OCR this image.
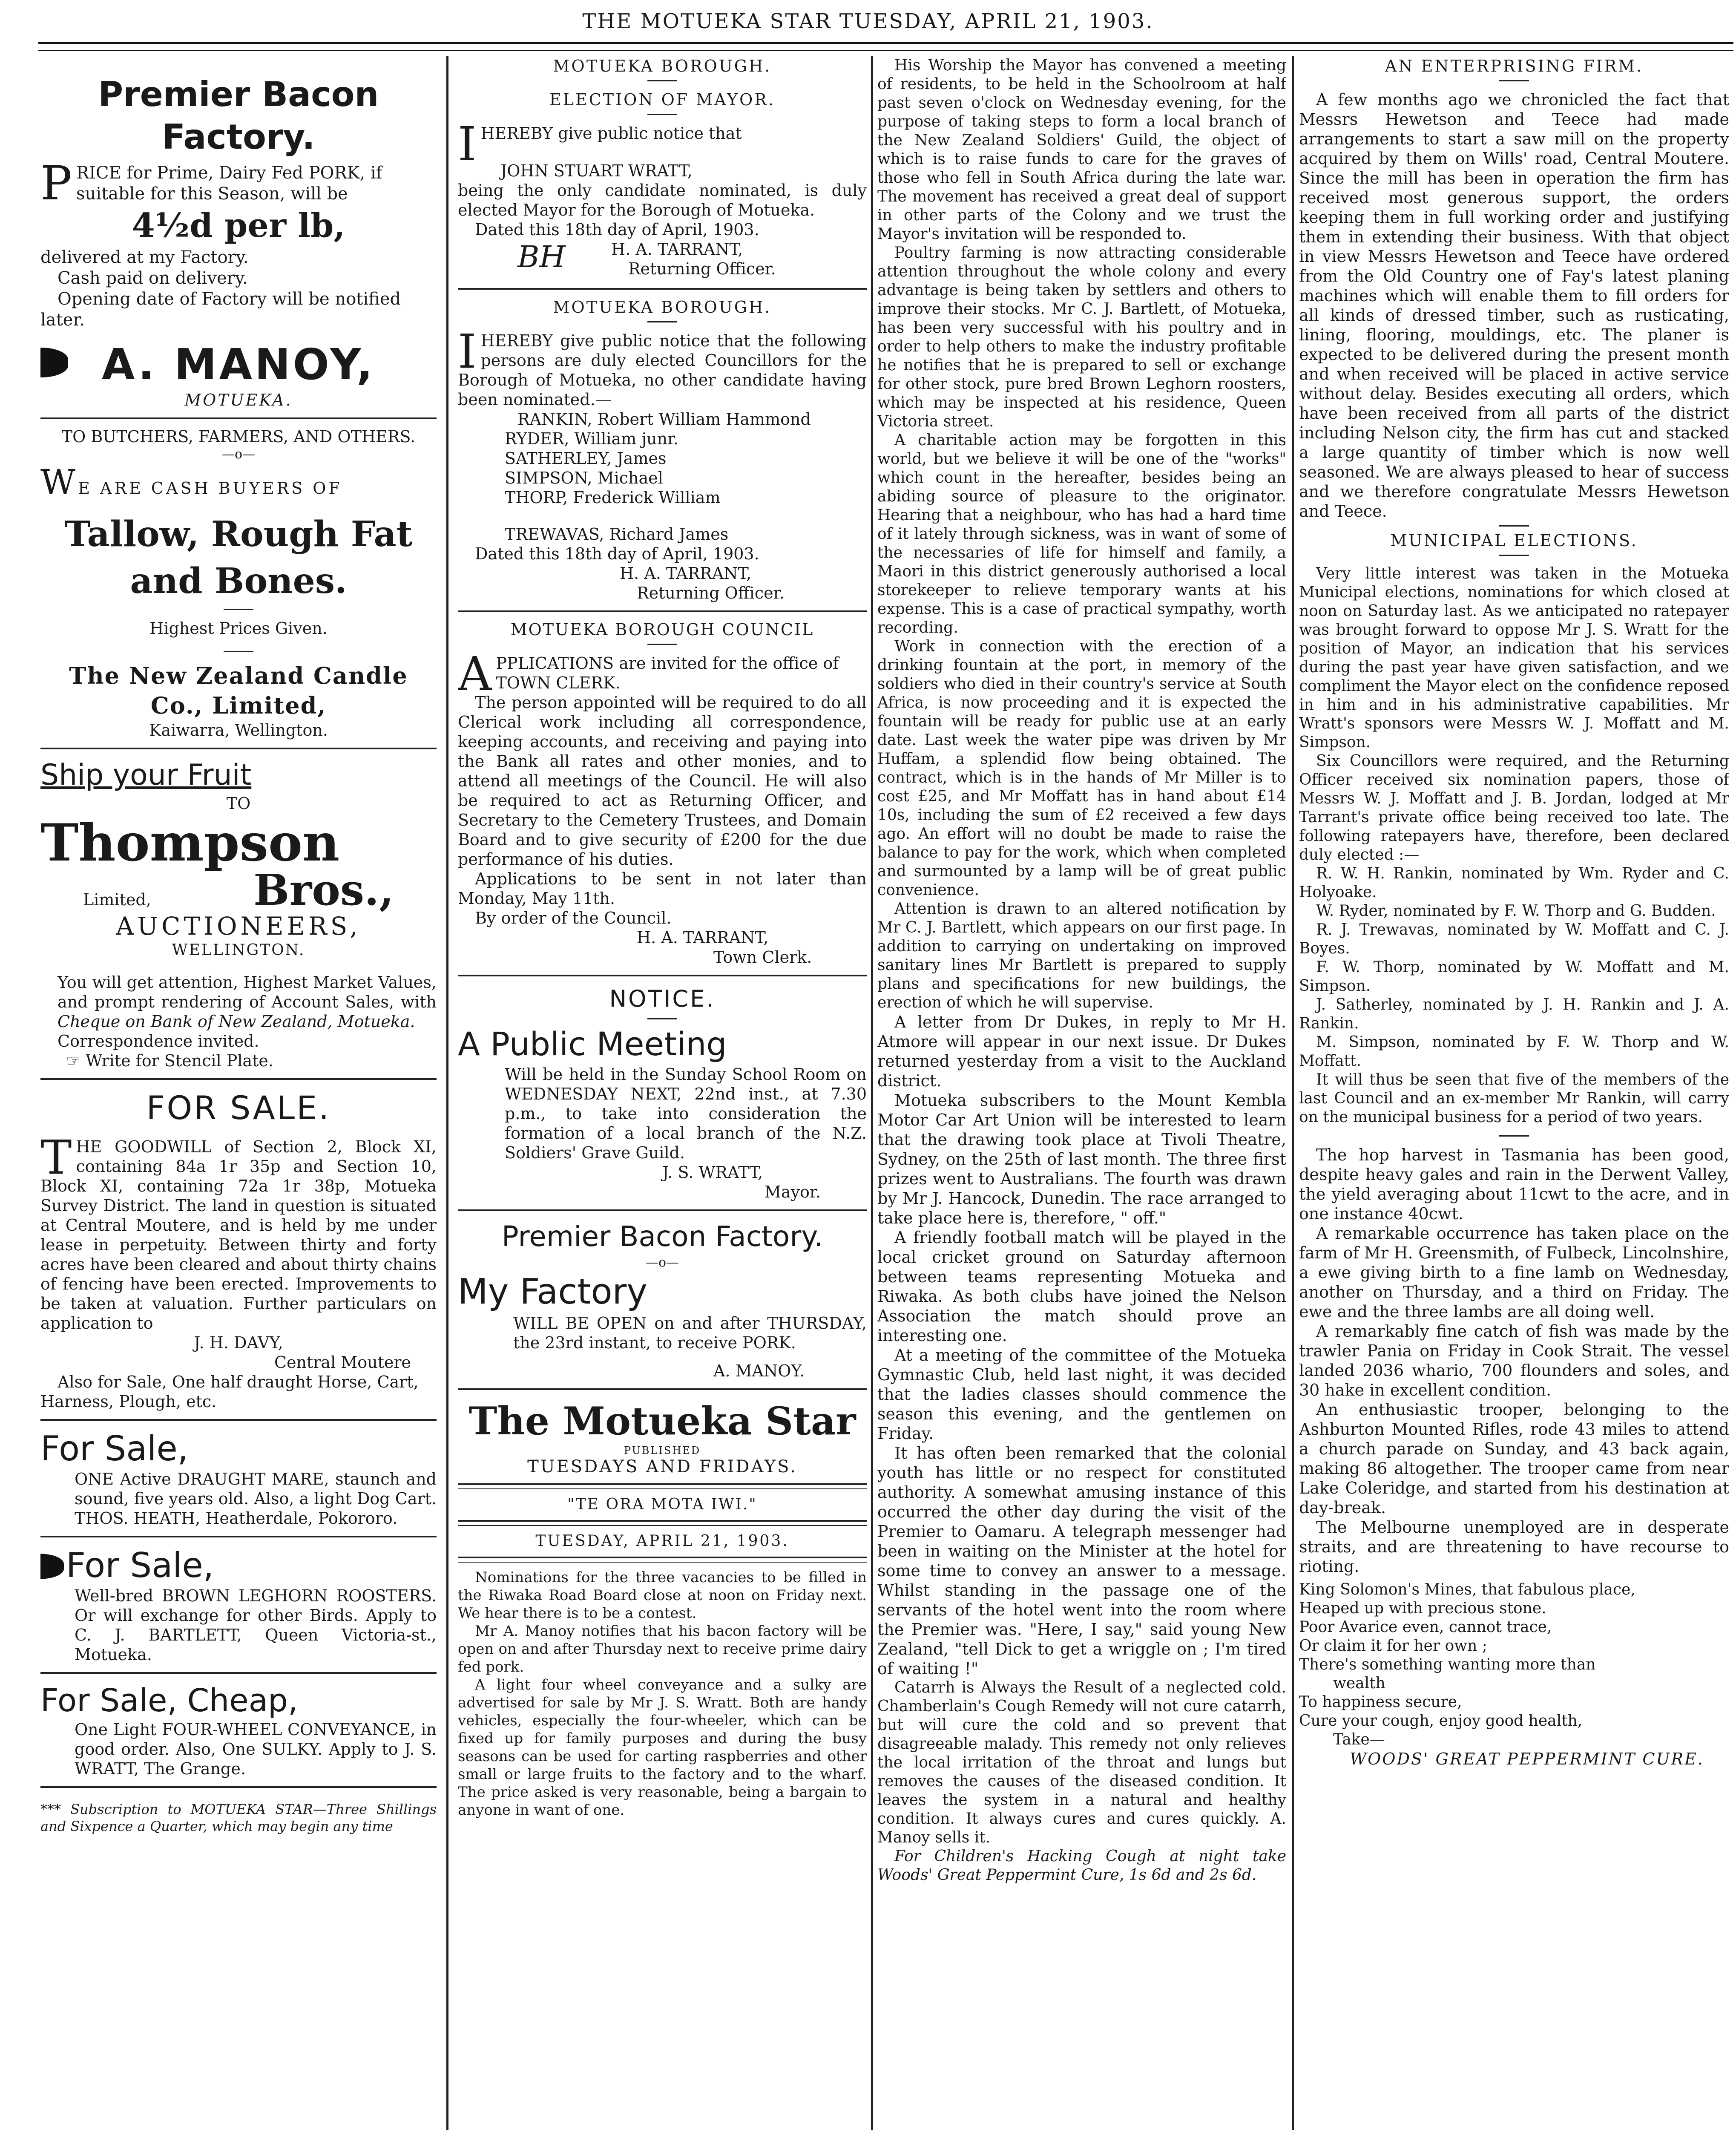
THE MOTUEKA STAR TUESDAY, APRIL 21, 1903.

Premier Bacon Factory.

PRICE for Prime, Dairy Fed PORK, if suitable for this Season, will be

4½d per lb,

delivered at my Factory.

Cash paid on delivery.

Opening date of Factory will be notified later.

A. MANOY,

MOTUEKA.

TO BUTCHERS, FARMERS, AND OTHERS.

—o—

WE ARE CASH BUYERS OF

Tallow, Rough Fat and Bones.

Highest Prices Given.

The New Zealand Candle Co., Limited,

Kaiwarra, Wellington.

Ship your Fruit

TO

Thompson

Limited, Bros.,

AUCTIONEERS,

WELLINGTON.

You will get attention, Highest Market Values, and prompt rendering of Account Sales, with Cheque on Bank of New Zealand, Motueka.

Correspondence invited.

☞ Write for Stencil Plate.

FOR SALE.

THE GOODWILL of Section 2, Block XI, containing 84a 1r 35p and Section 10, Block XI, containing 72a 1r 38p, Motueka Survey District. The land in question is situated at Central Moutere, and is held by me under lease in perpetuity. Between thirty and forty acres have been cleared and about thirty chains of fencing have been erected. Improvements to be taken at valuation. Further particulars on application to

J. H. DAVY,

Central Moutere

Also for Sale, One half draught Horse, Cart, Harness, Plough, etc.

For Sale,

ONE Active DRAUGHT MARE, staunch and sound, five years old. Also, a light Dog Cart. THOS. HEATH, Heatherdale, Pokororo.

For Sale,

Well-bred BROWN LEGHORN ROOSTERS. Or will exchange for other Birds. Apply to C. J. BARTLETT, Queen Victoria-st., Motueka.

For Sale, Cheap,

One Light FOUR-WHEEL CONVEYANCE, in good order. Also, One SULKY. Apply to J. S. WRATT, The Grange.

*** Subscription to MOTUEKA STAR—Three Shillings and Sixpence a Quarter, which may begin any time

MOTUEKA BOROUGH.

ELECTION OF MAYOR.

IHEREBY give public notice that

JOHN STUART WRATT,

being the only candidate nominated, is duly elected Mayor for the Borough of Motueka.

Dated this 18th day of April, 1903.

BH	H. A. TARRANT,

Returning Officer.

MOTUEKA BOROUGH.

IHEREBY give public notice that the following persons are duly elected Councillors for the Borough of Motueka, no other candidate having been nominated.—

RANKIN, Robert William Hammond

RYDER, William junr.

SATHERLEY, James

SIMPSON, Michael

THORP, Frederick William

TREWAVAS, Richard James

Dated this 18th day of April, 1903.

H. A. TARRANT,

Returning Officer.

MOTUEKA BOROUGH COUNCIL

APPLICATIONS are invited for the office of TOWN CLERK.

The person appointed will be required to do all Clerical work including all correspondence, keeping accounts, and receiving and paying into the Bank all rates and other monies, and to attend all meetings of the Council. He will also be required to act as Returning Officer, and Secretary to the Cemetery Trustees, and Domain Board and to give security of £200 for the due performance of his duties.

Applications to be sent in not later than Monday, May 11th.

By order of the Council.

H. A. TARRANT,

Town Clerk.

NOTICE.

A Public Meeting

Will be held in the Sunday School Room on WEDNESDAY NEXT, 22nd inst., at 7.30 p.m., to take into consideration the formation of a local branch of the N.Z. Soldiers' Grave Guild.

J. S. WRATT,

Mayor.

Premier Bacon Factory.

—o—

My Factory

WILL BE OPEN on and after THURSDAY, the 23rd instant, to receive PORK.

A. MANOY.

The Motueka Star

PUBLISHED

TUESDAYS AND FRIDAYS.

"TE ORA MOTA IWI."

TUESDAY, APRIL 21, 1903.

Nominations for the three vacancies to be filled in the Riwaka Road Board close at noon on Friday next. We hear there is to be a contest.

Mr A. Manoy notifies that his bacon factory will be open on and after Thursday next to receive prime dairy fed pork.

A light four wheel conveyance and a sulky are advertised for sale by Mr J. S. Wratt. Both are handy vehicles, especially the four-wheeler, which can be fixed up for family purposes and during the busy seasons can be used for carting raspberries and other small or large fruits to the factory and to the wharf. The price asked is very reasonable, being a bargain to anyone in want of one.

His Worship the Mayor has convened a meeting of residents, to be held in the Schoolroom at half past seven o'clock on Wednesday evening, for the purpose of taking steps to form a local branch of the New Zealand Soldiers' Guild, the object of which is to raise funds to care for the graves of those who fell in South Africa during the late war. The movement has received a great deal of support in other parts of the Colony and we trust the Mayor's invitation will be responded to.

Poultry farming is now attracting considerable attention throughout the whole colony and every advantage is being taken by settlers and others to improve their stocks. Mr C. J. Bartlett, of Motueka, has been very successful with his poultry and in order to help others to make the industry profitable he notifies that he is prepared to sell or exchange for other stock, pure bred Brown Leghorn roosters, which may be inspected at his residence, Queen Victoria street.

A charitable action may be forgotten in this world, but we believe it will be one of the "works" which count in the hereafter, besides being an abiding source of pleasure to the originator. Hearing that a neighbour, who has had a hard time of it lately through sickness, was in want of some of the necessaries of life for himself and family, a Maori in this district generously authorised a local storekeeper to relieve temporary wants at his expense. This is a case of practical sympathy, worth recording.

Work in connection with the erection of a drinking fountain at the port, in memory of the soldiers who died in their country's service at South Africa, is now proceeding and it is expected the fountain will be ready for public use at an early date. Last week the water pipe was driven by Mr Huffam, a splendid flow being obtained. The contract, which is in the hands of Mr Miller is to cost £25, and Mr Moffatt has in hand about £14 10s, including the sum of £2 received a few days ago. An effort will no doubt be made to raise the balance to pay for the work, which when completed and surmounted by a lamp will be of great public convenience.

Attention is drawn to an altered notification by Mr C. J. Bartlett, which appears on our first page. In addition to carrying on undertaking on improved sanitary lines Mr Bartlett is prepared to supply plans and specifications for new buildings, the erection of which he will supervise.

A letter from Dr Dukes, in reply to Mr H. Atmore will appear in our next issue. Dr Dukes returned yesterday from a visit to the Auckland district.

Motueka subscribers to the Mount Kembla Motor Car Art Union will be interested to learn that the drawing took place at Tivoli Theatre, Sydney, on the 25th of last month. The three first prizes went to Australians. The fourth was drawn by Mr J. Hancock, Dunedin. The race arranged to take place here is, therefore, " off."

A friendly football match will be played in the local cricket ground on Saturday afternoon between teams representing Motueka and Riwaka. As both clubs have joined the Nelson Association the match should prove an interesting one.

At a meeting of the committee of the Motueka Gymnastic Club, held last night, it was decided that the ladies classes should commence the season this evening, and the gentlemen on Friday.

It has often been remarked that the colonial youth has little or no respect for constituted authority. A somewhat amusing instance of this occurred the other day during the visit of the Premier to Oamaru. A telegraph messenger had been in waiting on the Minister at the hotel for some time to convey an answer to a message. Whilst standing in the passage one of the servants of the hotel went into the room where the Premier was. "Here, I say," said young New Zealand, "tell Dick to get a wriggle on ; I'm tired of waiting !"

Catarrh is Always the Result of a neglected cold. Chamberlain's Cough Remedy will not cure catarrh, but will cure the cold and so prevent that disagreeable malady. This remedy not only relieves the local irritation of the throat and lungs but removes the causes of the diseased condition. It leaves the system in a natural and healthy condition. It always cures and cures quickly. A. Manoy sells it.

For Children's Hacking Cough at night take Woods' Great Peppermint Cure, 1s 6d and 2s 6d.

AN ENTERPRISING FIRM.

A few months ago we chronicled the fact that Messrs Hewetson and Teece had made arrangements to start a saw mill on the property acquired by them on Wills' road, Central Moutere. Since the mill has been in operation the firm has received most generous support, the orders keeping them in full working order and justifying them in extending their business. With that object in view Messrs Hewetson and Teece have ordered from the Old Country one of Fay's latest planing machines which will enable them to fill orders for all kinds of dressed timber, such as rusticating, lining, flooring, mouldings, etc. The planer is expected to be delivered during the present month and when received will be placed in active service without delay. Besides executing all orders, which have been received from all parts of the district including Nelson city, the firm has cut and stacked a large quantity of timber which is now well seasoned. We are always pleased to hear of success and we therefore congratulate Messrs Hewetson and Teece.

MUNICIPAL ELECTIONS.

Very little interest was taken in the Motueka Municipal elections, nominations for which closed at noon on Saturday last. As we anticipated no ratepayer was brought forward to oppose Mr J. S. Wratt for the position of Mayor, an indication that his services during the past year have given satisfaction, and we compliment the Mayor elect on the confidence reposed in him and in his administrative capabilities. Mr Wratt's sponsors were Messrs W. J. Moffatt and M. Simpson.

Six Councillors were required, and the Returning Officer received six nomination papers, those of Messrs W. J. Moffatt and J. B. Jordan, lodged at Mr Tarrant's private office being received too late. The following ratepayers have, therefore, been declared duly elected :—

R. W. H. Rankin, nominated by Wm. Ryder and C. Holyoake.

W. Ryder, nominated by F. W. Thorp and G. Budden.

R. J. Trewavas, nominated by W. Moffatt and C. J. Boyes.

F. W. Thorp, nominated by W. Moffatt and M. Simpson.

J. Satherley, nominated by J. H. Rankin and J. A. Rankin.

M. Simpson, nominated by F. W. Thorp and W. Moffatt.

It will thus be seen that five of the members of the last Council and an ex-member Mr Rankin, will carry on the municipal business for a period of two years.

The hop harvest in Tasmania has been good, despite heavy gales and rain in the Derwent Valley, the yield averaging about 11cwt to the acre, and in one instance 40cwt.

A remarkable occurrence has taken place on the farm of Mr H. Greensmith, of Fulbeck, Lincolnshire, a ewe giving birth to a fine lamb on Wednesday, another on Thursday, and a third on Friday. The ewe and the three lambs are all doing well.

A remarkably fine catch of fish was made by the trawler Pania on Friday in Cook Strait. The vessel landed 2036 whario, 700 flounders and soles, and 30 hake in excellent condition.

An enthusiastic trooper, belonging to the Ashburton Mounted Rifles, rode 43 miles to attend a church parade on Sunday, and 43 back again, making 86 altogether. The trooper came from near Lake Coleridge, and started from his destination at day-break.

The Melbourne unemployed are in desperate straits, and are threatening to have recourse to rioting.

King Solomon's Mines, that fabulous place,

Heaped up with precious stone.

Poor Avarice even, cannot trace,

Or claim it for her own ;

There's something wanting more than

wealth

To happiness secure,

Cure your cough, enjoy good health,

Take—

WOODS' GREAT PEPPERMINT CURE.
